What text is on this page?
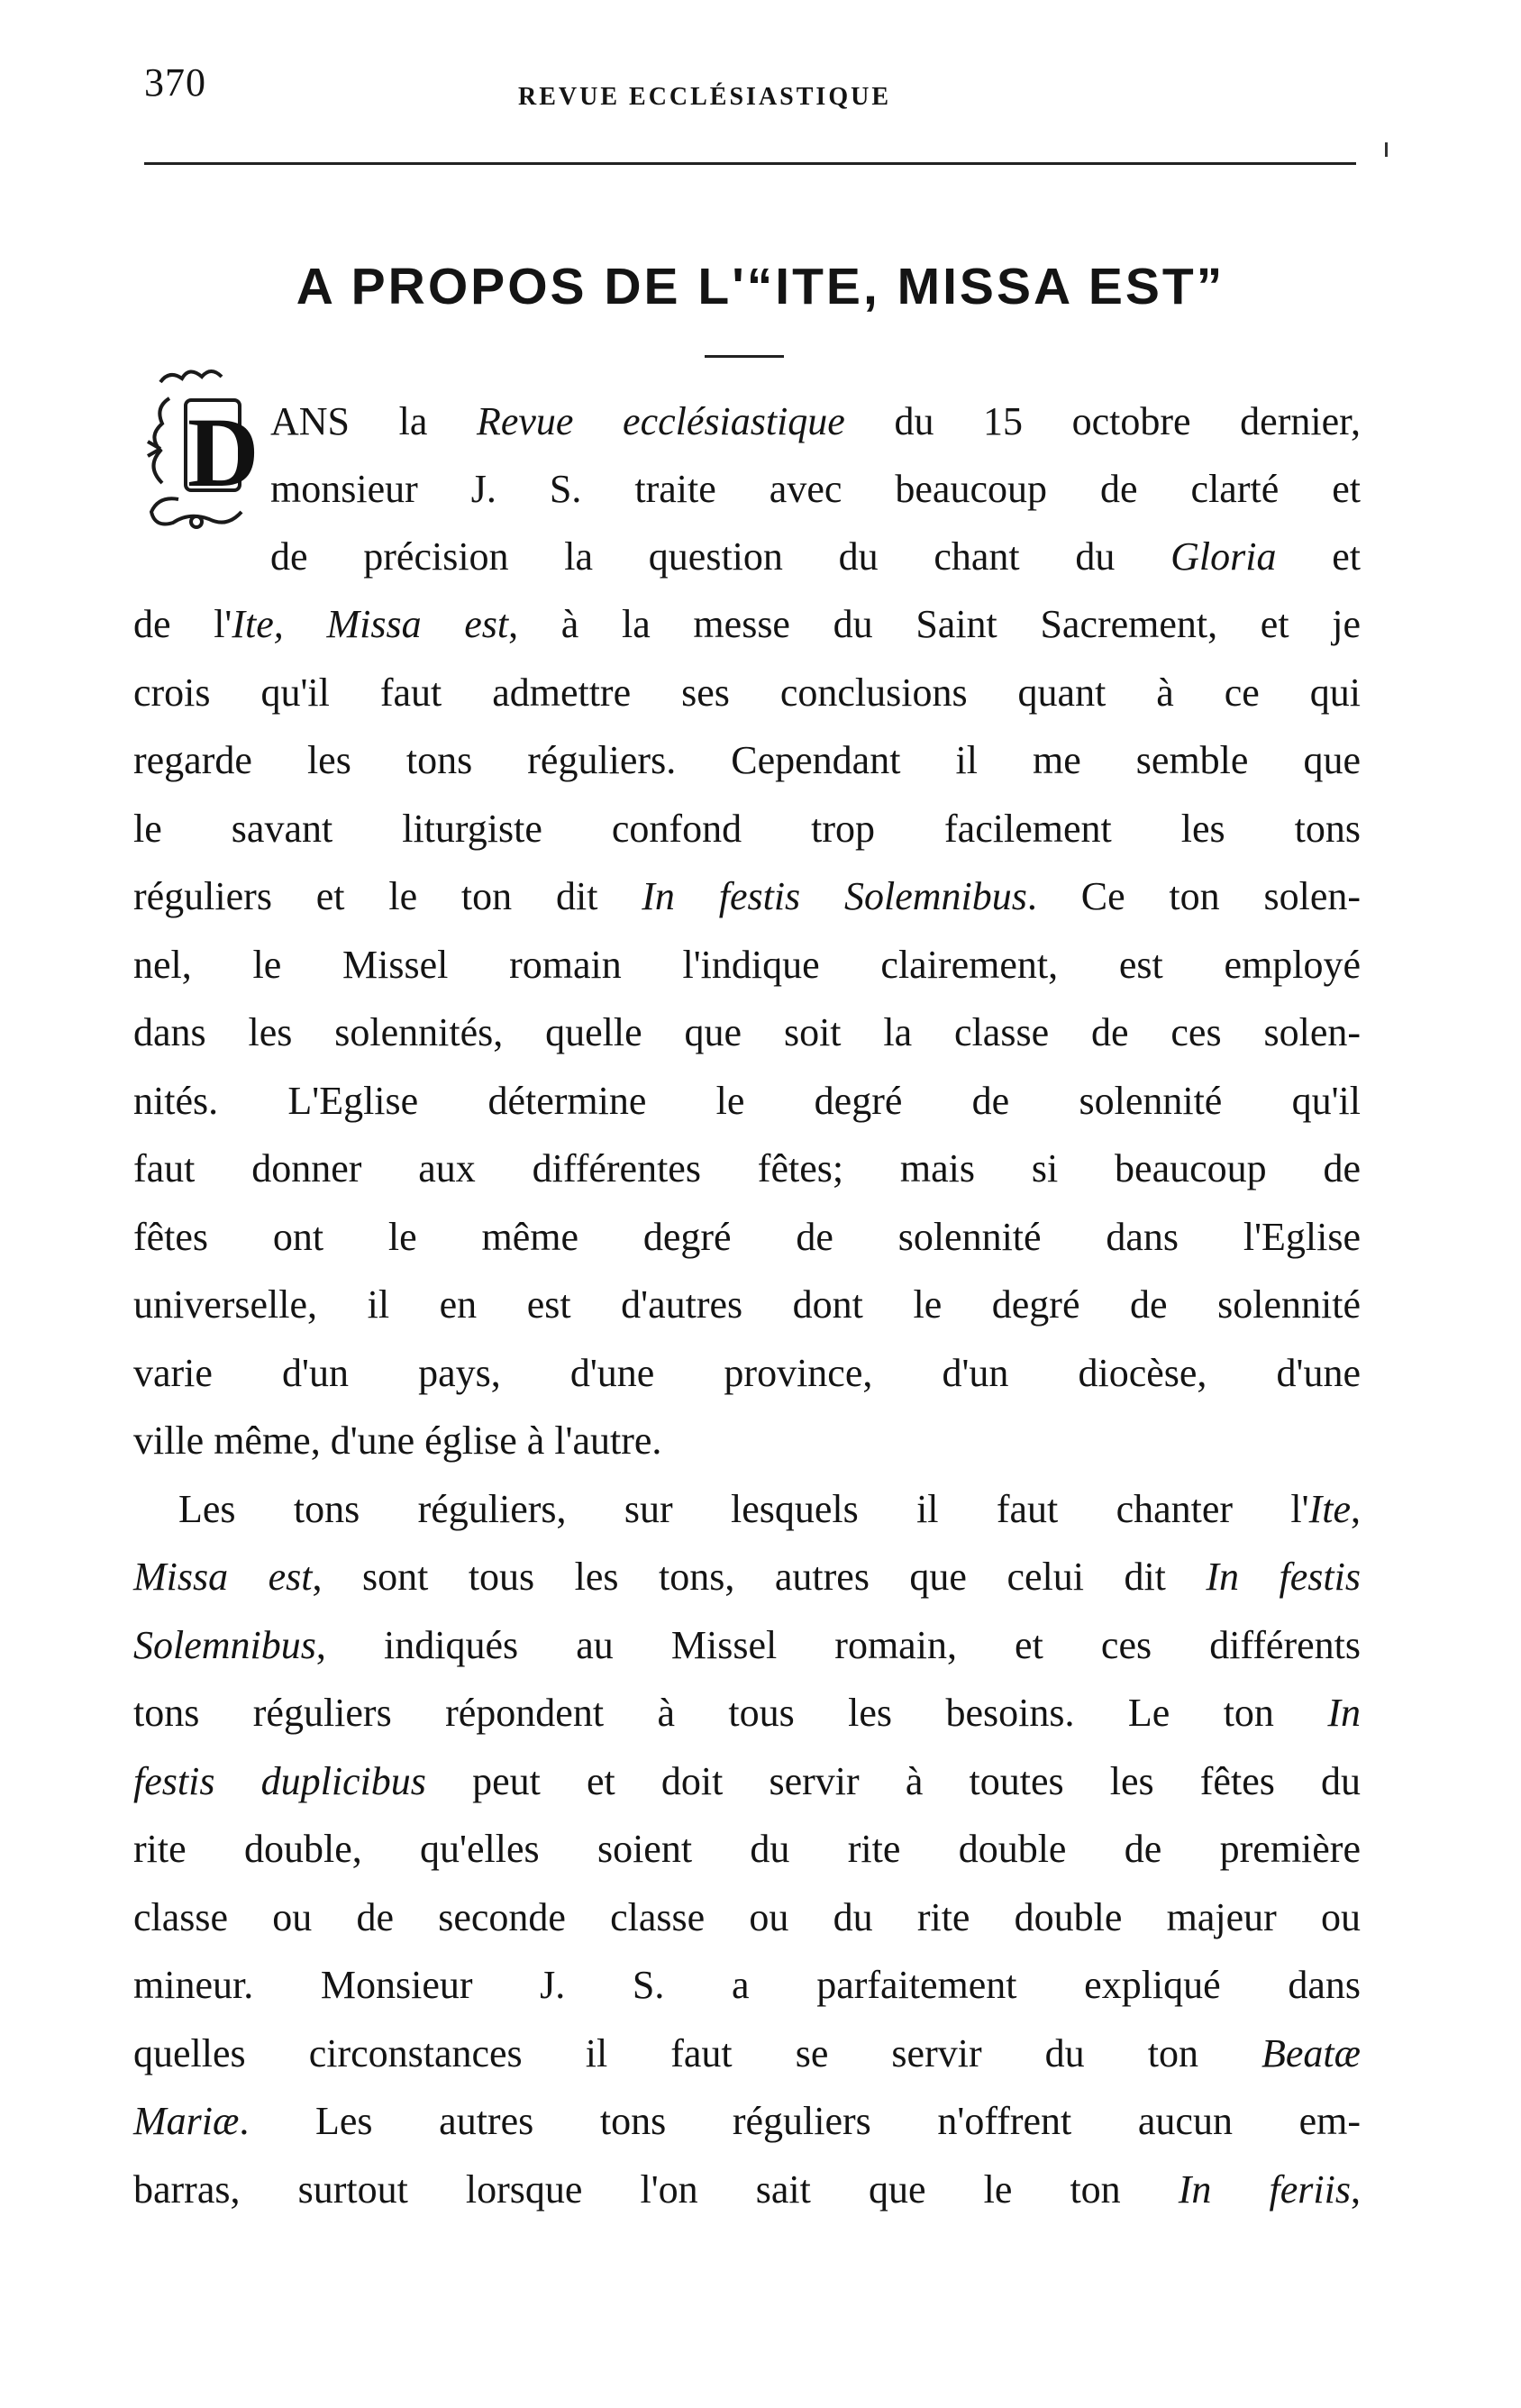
370	REVUE ECCLÉSIASTIQUE
A PROPOS DE L'“ITE, MISSA EST”
D ANS la Revue ecclésiastique du 15 octobre dernier,
monsieur J. S. traite avec beaucoup de clarté et
de précision la question du chant du Gloria et
de l'Ite, Missa est, à la messe du Saint Sacrement, et je
crois qu'il faut admettre ses conclusions quant à ce qui
regarde les tons réguliers. Cependant il me semble que
le savant liturgiste confond trop facilement les tons
réguliers et le ton dit In festis Solemnibus. Ce ton solen-
nel, le Missel romain l'indique clairement, est employé
dans les solennités, quelle que soit la classe de ces solen-
nités. L'Eglise détermine le degré de solennité qu'il
faut donner aux différentes fêtes; mais si beaucoup de
fêtes ont le même degré de solennité dans l'Eglise
universelle, il en est d'autres dont le degré de solennité
varie d'un pays, d'une province, d'un diocèse, d'une
ville même, d'une église à l'autre.
Les tons réguliers, sur lesquels il faut chanter l'Ite,
Missa est, sont tous les tons, autres que celui dit In festis
Solemnibus, indiqués au Missel romain, et ces différents
tons réguliers répondent à tous les besoins. Le ton In
festis duplicibus peut et doit servir à toutes les fêtes du
rite double, qu'elles soient du rite double de première
classe ou de seconde classe ou du rite double majeur ou
mineur. Monsieur J. S. a parfaitement expliqué dans
quelles circonstances il faut se servir du ton Beatæ
Mariæ. Les autres tons réguliers n'offrent aucun em-
barras, surtout lorsque l'on sait que le ton In feriis,
